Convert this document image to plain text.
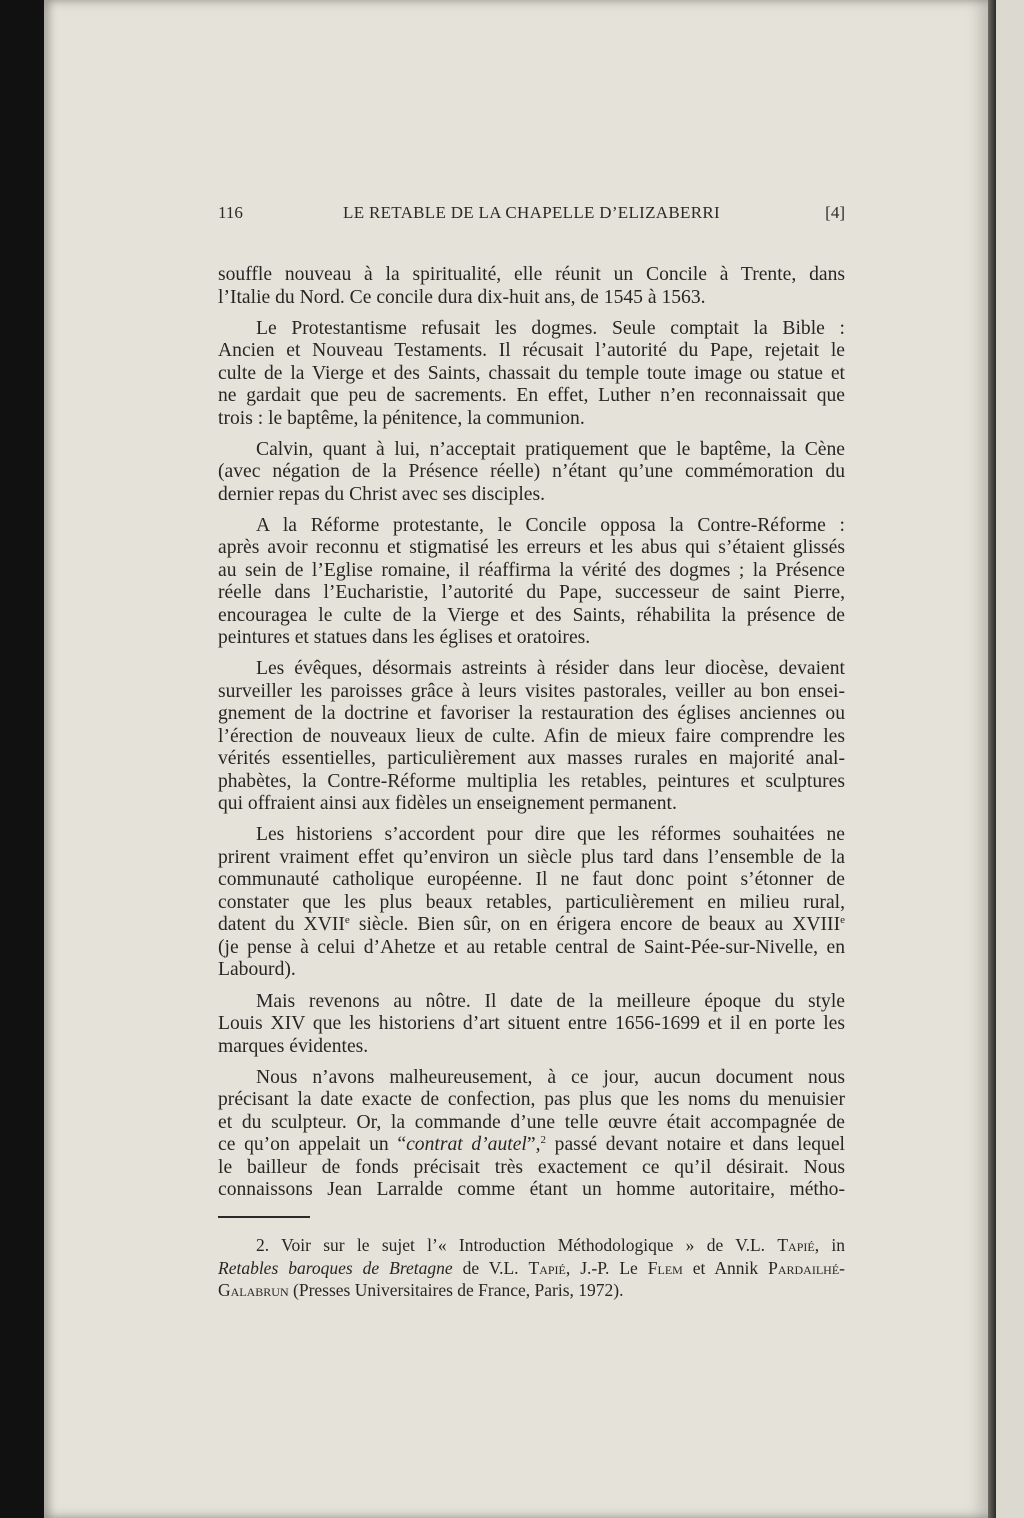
116	LE RETABLE DE LA CHAPELLE D’ELIZABERRI	[4]
souffle nouveau à la spiritualité, elle réunit un Concile à Trente, dans
l’Italie du Nord. Ce concile dura dix-huit ans, de 1545 à 1563.
Le Protestantisme refusait les dogmes. Seule comptait la Bible :
Ancien et Nouveau Testaments. Il récusait l’autorité du Pape, rejetait le
culte de la Vierge et des Saints, chassait du temple toute image ou statue et
ne gardait que peu de sacrements. En effet, Luther n’en reconnaissait que
trois : le baptême, la pénitence, la communion.
Calvin, quant à lui, n’acceptait pratiquement que le baptême, la Cène
(avec négation de la Présence réelle) n’étant qu’une commémoration du
dernier repas du Christ avec ses disciples.
A la Réforme protestante, le Concile opposa la Contre-Réforme :
après avoir reconnu et stigmatisé les erreurs et les abus qui s’étaient glissés
au sein de l’Eglise romaine, il réaffirma la vérité des dogmes ; la Présence
réelle dans l’Eucharistie, l’autorité du Pape, successeur de saint Pierre,
encouragea le culte de la Vierge et des Saints, réhabilita la présence de
peintures et statues dans les églises et oratoires.
Les évêques, désormais astreints à résider dans leur diocèse, devaient
surveiller les paroisses grâce à leurs visites pastorales, veiller au bon ensei-
gnement de la doctrine et favoriser la restauration des églises anciennes ou
l’érection de nouveaux lieux de culte. Afin de mieux faire comprendre les
vérités essentielles, particulièrement aux masses rurales en majorité anal-
phabètes, la Contre-Réforme multiplia les retables, peintures et sculptures
qui offraient ainsi aux fidèles un enseignement permanent.
Les historiens s’accordent pour dire que les réformes souhaitées ne
prirent vraiment effet qu’environ un siècle plus tard dans l’ensemble de la
communauté catholique européenne. Il ne faut donc point s’étonner de
constater que les plus beaux retables, particulièrement en milieu rural,
datent du XVIIe siècle. Bien sûr, on en érigera encore de beaux au XVIIIe
(je pense à celui d’Ahetze et au retable central de Saint-Pée-sur-Nivelle, en
Labourd).
Mais revenons au nôtre. Il date de la meilleure époque du style
Louis XIV que les historiens d’art situent entre 1656-1699 et il en porte les
marques évidentes.
Nous n’avons malheureusement, à ce jour, aucun document nous
précisant la date exacte de confection, pas plus que les noms du menuisier
et du sculpteur. Or, la commande d’une telle œuvre était accompagnée de
ce qu’on appelait un “contrat d’autel”,$^2$ passé devant notaire et dans lequel
le bailleur de fonds précisait très exactement ce qu’il désirait. Nous
connaissons Jean Larralde comme étant un homme autoritaire, métho-
2. Voir sur le sujet l’« Introduction Méthodologique » de V.L. Tapié, in
Retables baroques de Bretagne de V.L. Tapié, J.-P. Le Flem et Annik Pardailhé-
Galabrun (Presses Universitaires de France, Paris, 1972).
